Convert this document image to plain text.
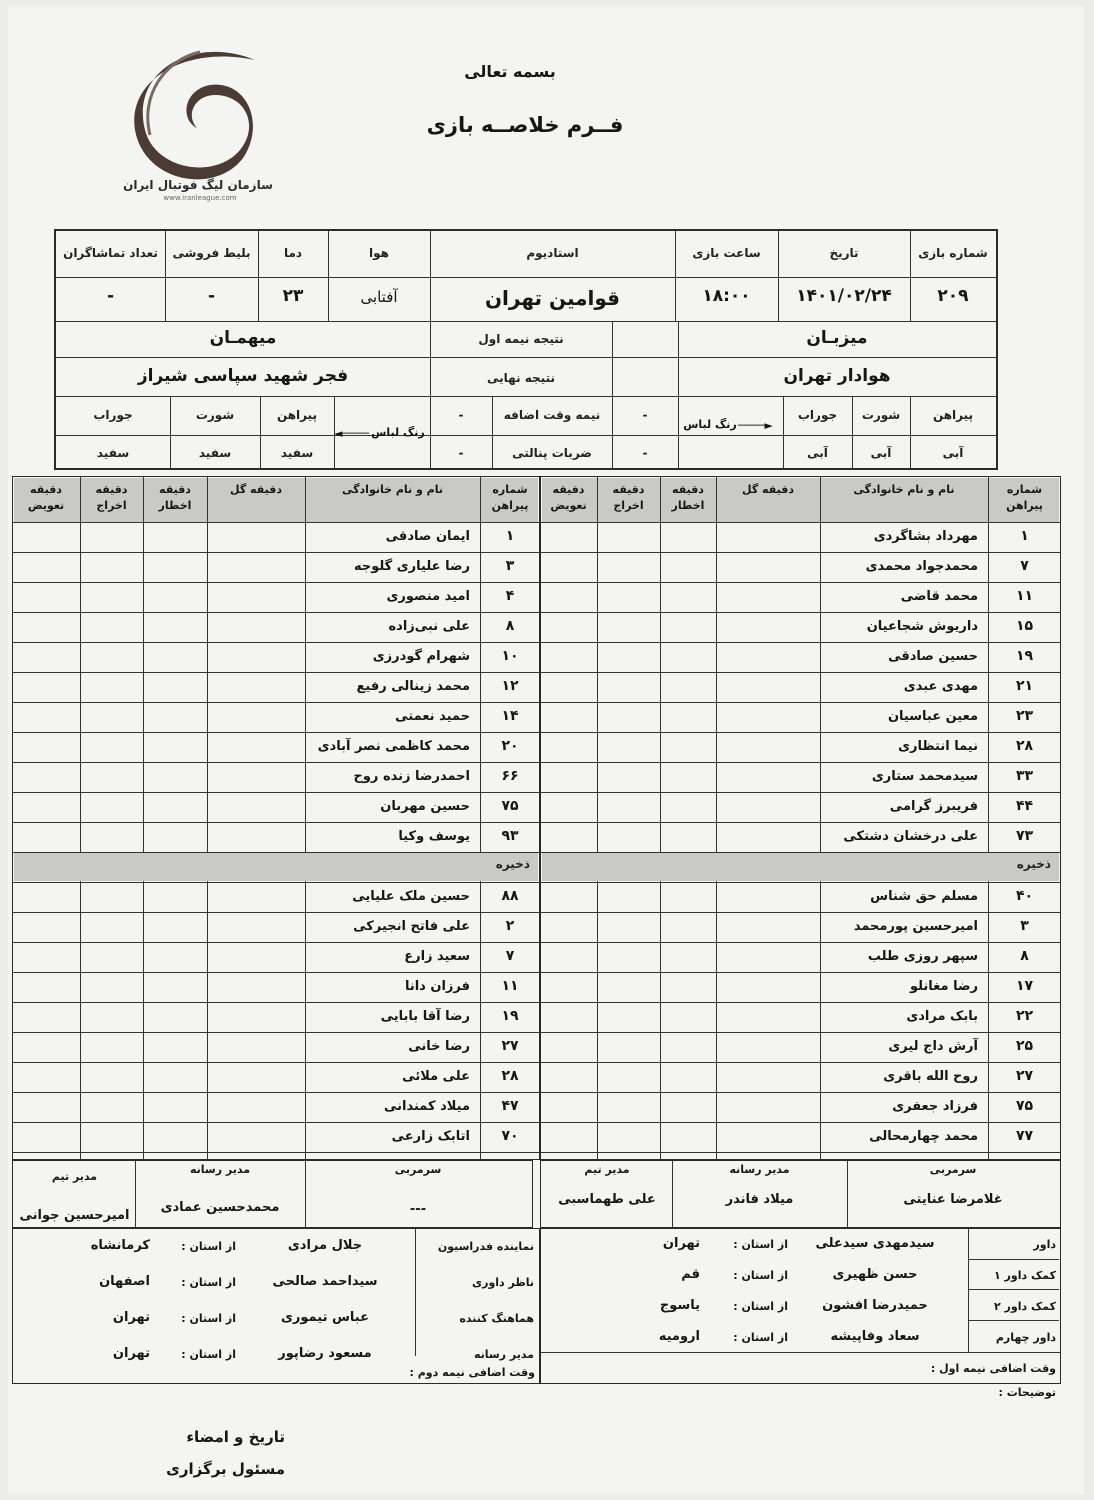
سازمان لیگ فوتبال ایران
www.iranleague.com
بسمه تعالی
فــرم خلاصــه بازی
شماره بازی
تاریخ
ساعت بازی
استادیوم
هوا
دما
بلیط فروشی
تعداد تماشاگران
۲۰۹
۱۴۰۱/۰۲/۲۴
۱۸:۰۰
قوامین تهران
آفتابی
۲۳
-
-
میزبـان
میهمـان	نتیجه نیمه اول
نتیجه نهایی	هوادار تهران
فجر شهید سپاسی شیراز
نیمه وقت اضافه
ضربات پنالتی
-
-
-
-
رنگ لباس ────►
پیراهن
شورت
جوراب
آبی
آبی
آبی
رنگ لباس
◄────
پیراهن
شورت
جوراب
سفید
سفید
سفید
شماره پیراهن
نام و نام خانوادگی
دقیقه گل
دقیقه اخطار
دقیقه اخراج
دقیقه تعویض
۱
مهرداد بشاگردی
۷
محمدجواد محمدی
۱۱
محمد قاضی
۱۵
داریوش شجاعیان
۱۹
حسین صادقی
۲۱
مهدی عبدی
۲۳
معین عباسیان
۲۸
نیما انتظاری
۳۳
سیدمحمد ستاری
۴۴
فریبرز گرامی
۷۳
علی درخشان دشتکی
ذخیره
۴۰
مسلم حق شناس
۳
امیرحسین پورمحمد
۸
سپهر روزی طلب
۱۷
رضا مغانلو
۲۲
بابک مرادی
۲۵
آرش داج لیری
۲۷
روح الله باقری
۷۵
فرزاد جعفری
۷۷
محمد چهارمحالی
شماره پیراهن
نام و نام خانوادگی
دقیقه گل
دقیقه اخطار
دقیقه اخراج
دقیقه تعویض
۱
ایمان صادقی
۳
رضا علیاری گلوجه
۴
امید منصوری
۸
علی نبی‌زاده
۱۰
شهرام گودرزی
۱۲
محمد زینالی رفیع
۱۴
حمید نعمتی
۲۰
محمد کاظمی نصر آبادی
۶۶
احمدرضا زنده روح
۷۵
حسین مهربان
۹۳
یوسف وکیا
ذخیره
۸۸
حسین ملک علیایی
۲
علی فاتح انجیرکی
۷
سعید زارع
۱۱
فرزان دانا
۱۹
رضا آقا بابایی
۲۷
رضا خانی
۲۸
علی ملائی
۴۷
میلاد کمندانی
۷۰
اتابک زارعی
سرمربی
مدیر رسانه
مدیر تیم
غلامرضا عنایتی
میلاد فاندر
علی طهماسبی
سرمربی
مدیر رسانه
مدیر تیم
---
محمدحسین عمادی
امیرحسین جوانی
داور
سیدمهدی سیدعلی
از استان :
تهران
کمک داور ۱
حسن ظهیری
از استان :
قم
کمک داور ۲
حمیدرضا افشون
از استان :
یاسوج
داور چهارم
سعاد وفاپیشه
از استان :
ارومیه
وقت اضافی نیمه اول :
نماینده فدراسیون
جلال مرادی
از استان :
کرمانشاه
ناظر داوری
سیداحمد صالحی
از استان :
اصفهان
هماهنگ کننده
عباس تیموری
از استان :
تهران
مدیر رسانه
مسعود رضاپور
از استان :
تهران
وقت اضافی نیمه دوم :
توضیحات :
تاریخ و امضاء
مسئول برگزاری
